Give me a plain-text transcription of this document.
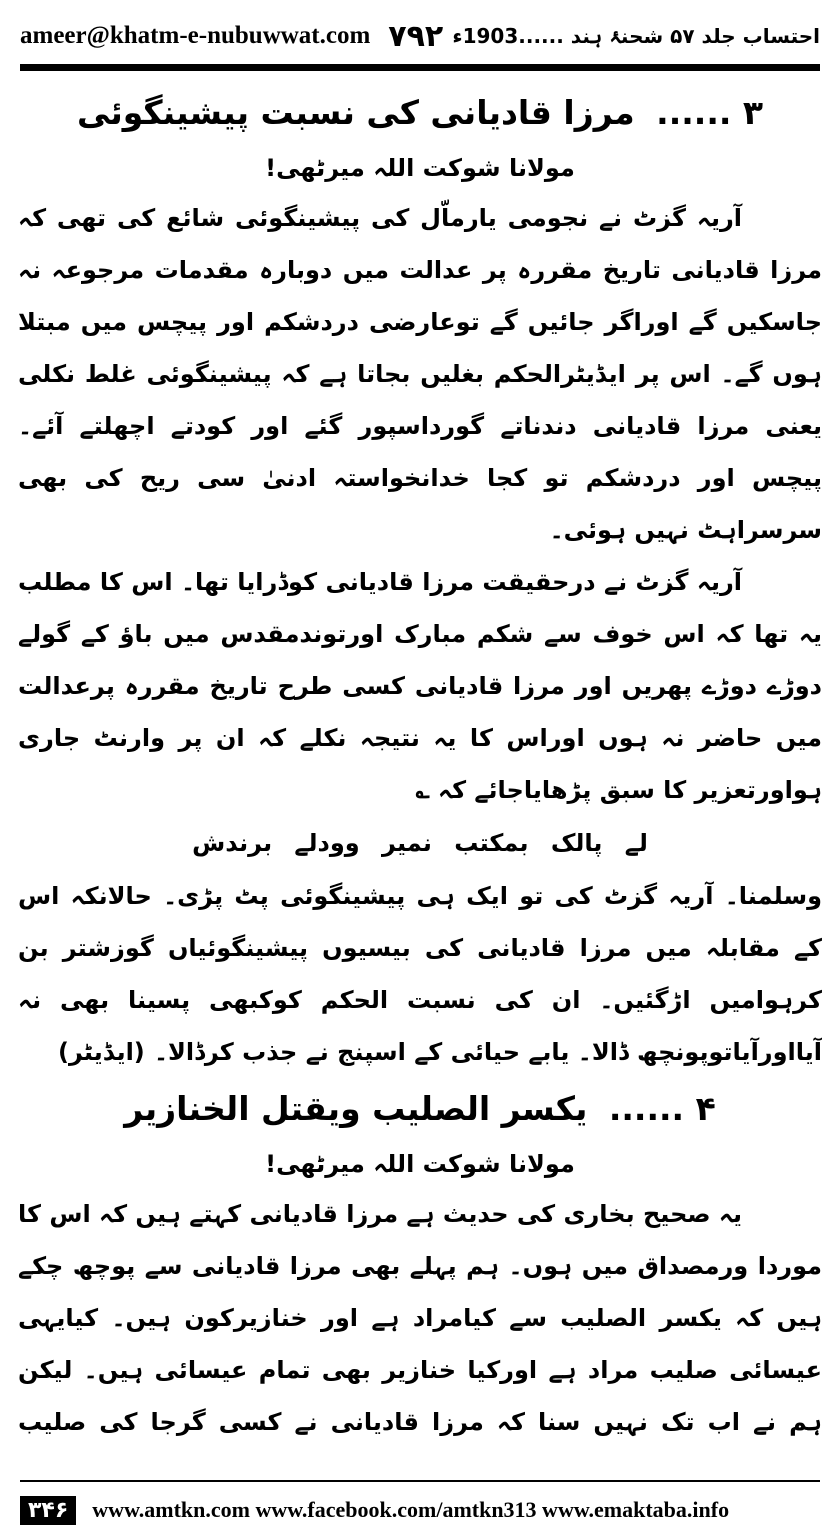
ameer@khatm-e-nubuwwat.com ۷۹۲ احتساب جلد ۵۷ شحنۂ ہند ......1903ء
۳ ...... مرزا قادیانی کی نسبت پیشینگوئی
مولانا شوکت اللہ میرٹھی!

آریہ گزٹ نے نجومی یارماّل کی پیشینگوئی شائع کی تھی کہ مرزا قادیانی تاریخ مقررہ پر عدالت میں دوبارہ مقدمات مرجوعہ نہ جاسکیں گے اوراگر جائیں گے توعارضی دردشکم اور پیچس میں مبتلا ہوں گے۔ اس پر ایڈیٹرالحکم بغلیں بجاتا ہے کہ پیشینگوئی غلط نکلی یعنی مرزا قادیانی دندناتے گورداسپور گئے اور کودتے اچھلتے آئے۔ پیچس اور دردشکم تو کجا خدانخواستہ ادنیٰ سی ریح کی بھی سرسراہٹ نہیں ہوئی۔

آریہ گزٹ نے درحقیقت مرزا قادیانی کوڈرایا تھا۔ اس کا مطلب یہ تھا کہ اس خوف سے شکم مبارک اورتوندمقدس میں باؤ کے گولے دوڑے دوڑے پھریں اور مرزا قادیانی کسی طرح تاریخ مقررہ پرعدالت میں حاضر نہ ہوں اوراس کا یہ نتیجہ نکلے کہ ان پر وارنٹ جاری ہواورتعزیر کا سبق پڑھایاجائے کہ ؎

لے پالک بمکتب نمیر وودلے برندش

وسلمنا۔ آریہ گزٹ کی تو ایک ہی پیشینگوئی پٹ پڑی۔ حالانکہ اس کے مقابلہ میں مرزا قادیانی کی بیسیوں پیشینگوئیاں گوزشتر بن کرہوامیں اڑگئیں۔ ان کی نسبت الحکم کوکبھی پسینا بھی نہ آیااورآیاتوپونچھ ڈالا۔ یابے حیائی کے اسپنج نے جذب کرڈالا۔
(ایڈیٹر)

۴ ...... یکسر الصلیب ویقتل الخنازیر
مولانا شوکت اللہ میرٹھی!

یہ صحیح بخاری کی حدیث ہے مرزا قادیانی کہتے ہیں کہ اس کا موردا ورمصداق میں ہوں۔ ہم پہلے بھی مرزا قادیانی سے پوچھ چکے ہیں کہ یکسر الصلیب سے کیامراد ہے اور خنازیرکون ہیں۔ کیایہی عیسائی صلیب مراد ہے اورکیا خنازیر بھی تمام عیسائی ہیں۔ لیکن ہم نے اب تک نہیں سنا کہ مرزا قادیانی نے کسی گرجا کی صلیب

۳۴۶	www.amtkn.com www.facebook.com/amtkn313 www.emaktaba.info
